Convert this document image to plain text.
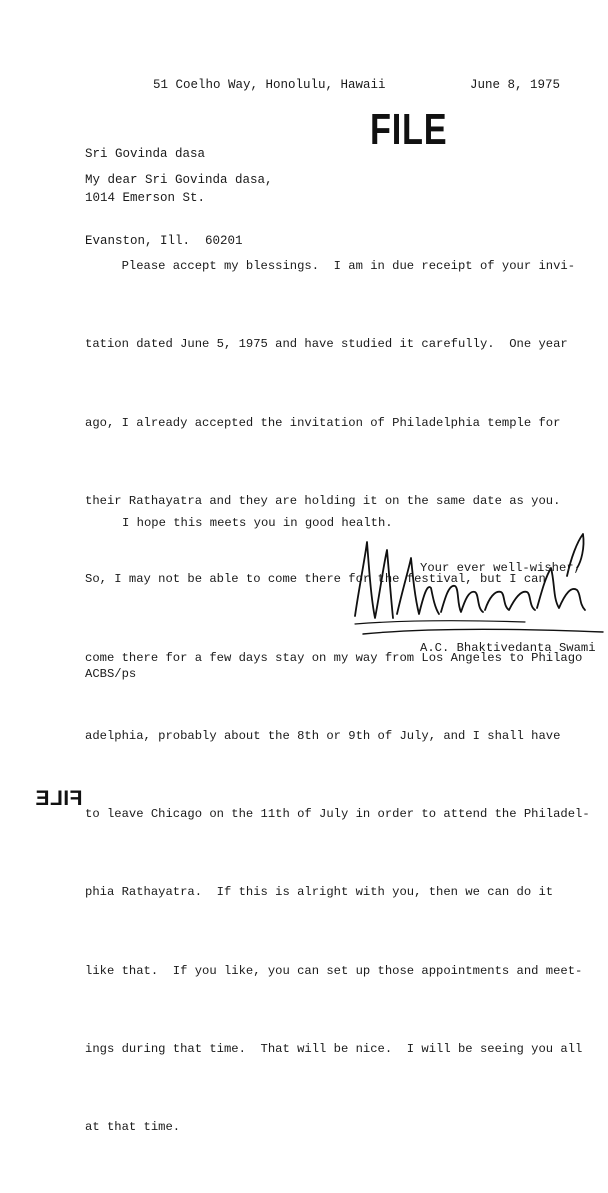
51 Coelho Way, Honolulu, Hawaii	June 8, 1975
FILE

Sri Govinda dasa

1014 Emerson St.

Evanston, Ill.  60201

My dear Sri Govinda dasa,

Please accept my blessings.  I am in due receipt of your invi-

tation dated June 5, 1975 and have studied it carefully.  One year

ago, I already accepted the invitation of Philadelphia temple for

their Rathayatra and they are holding it on the same date as you.

So, I may not be able to come there for the festival, but I can

come there for a few days stay on my way from Los Angeles to Philago

adelphia, probably about the 8th or 9th of July, and I shall have

to leave Chicago on the 11th of July in order to attend the Philadel-

phia Rathayatra.  If this is alright with you, then we can do it

like that.  If you like, you can set up those appointments and meet-

ings during that time.  That will be nice.  I will be seeing you all

at that time.

I hope this meets you in good health.
Your ever well-wisher,
A.C. Bhaktivedanta Swami
ACBS/ps
FILE
